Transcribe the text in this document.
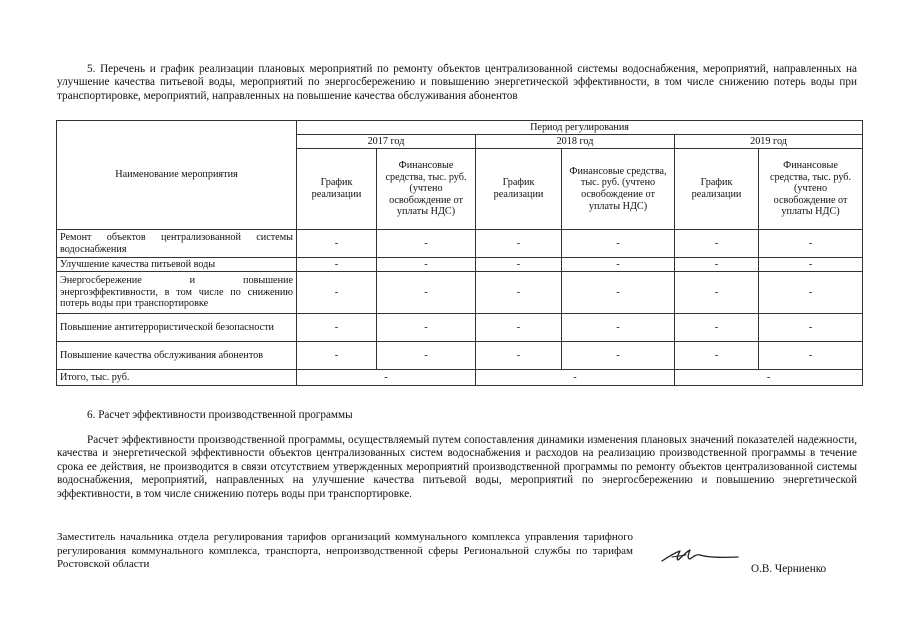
5. Перечень и график реализации плановых мероприятий по ремонту объектов централизованной системы водоснабжения, мероприятий, направленных на улучшение качества питьевой воды, мероприятий по энергосбережению и повышению энергетической эффективности, в том числе снижению потерь воды при транспортировке, мероприятий, направленных на повышение качества обслуживания абонентов
Наименование мероприятия	Период регулирования					
	2017 год		2018 год		2019 год	
	График реализации	Финансовые средства, тыс. руб. (учтено освобождение от уплаты НДС)	График реализации	Финансовые средства, тыс. руб. (учтено освобождение от уплаты НДС)	График реализации	Финансовые средства, тыс. руб. (учтено освобождение от уплаты НДС)
Ремонт объектов централизованной системы водоснабжения	-	-	-	-	-	-
Улучшение качества питьевой воды	-	-	-	-	-	-
Энергосбережение и повышение энергоэффективности, в том числе по снижению потерь воды при транспортировке	-	-	-	-	-	-
Повышение антитеррористической безопасности	-	-	-	-	-	-
Повышение качества обслуживания абонентов	-	-	-	-	-	-
Итого, тыс. руб.	-		-		-	
6. Расчет эффективности производственной программы
Расчет эффективности производственной программы, осуществляемый путем сопоставления динамики изменения плановых значений показателей надежности, качества и энергетической эффективности объектов централизованных систем водоснабжения и расходов на реализацию производственной программы в течение срока ее действия, не производится в связи отсутствием утвержденных мероприятий производственной программы по ремонту объектов централизованной системы водоснабжения, мероприятий, направленных на улучшение качества питьевой воды, мероприятий по энергосбережению и повышению энергетической эффективности, в том числе снижению потерь воды при транспортировке.
Заместитель начальника отдела регулирования тарифов организаций коммунального комплекса управления тарифного регулирования коммунального комплекса, транспорта, непроизводственной сферы Региональной службы по тарифам Ростовской области	О.В. Черниенко
